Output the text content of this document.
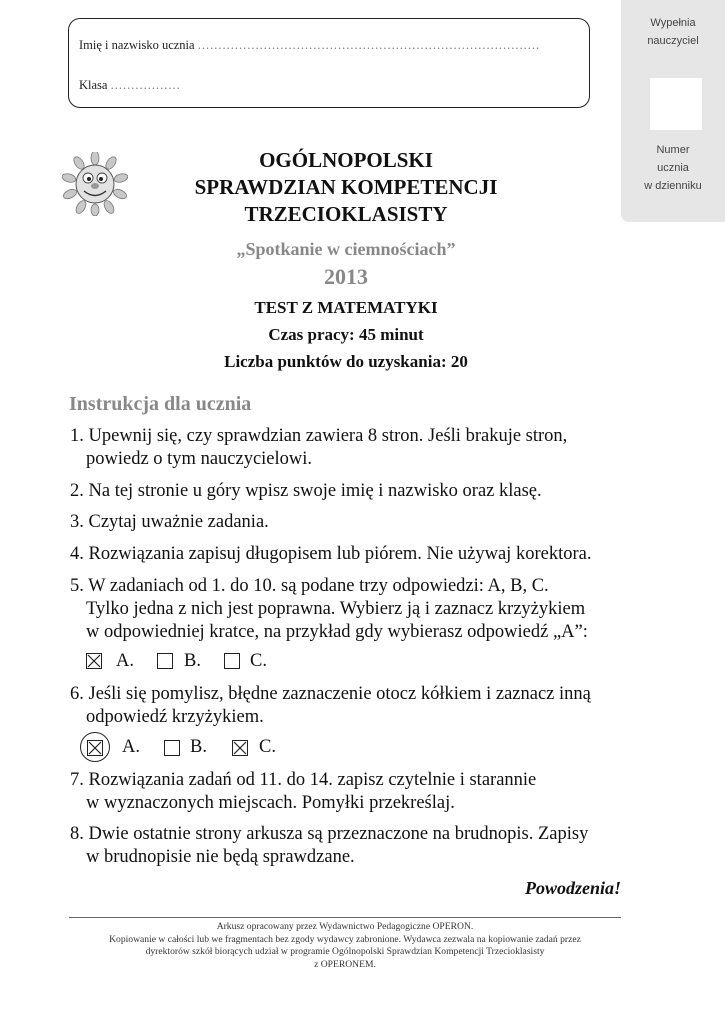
Imię i nazwisko ucznia ...................................................................................
Klasa .................
Wypełnia
nauczyciel
Numer
ucznia
w dzienniku
OGÓLNOPOLSKI
SPRAWDZIAN KOMPETENCJI
TRZECIOKLASISTY
„Spotkanie w ciemnościach”
2013
TEST Z MATEMATYKI
Czas pracy: 45 minut
Liczba punktów do uzyskania: 20
Instrukcja dla ucznia
1. Upewnij się, czy sprawdzian zawiera 8 stron. Jeśli brakuje stron,
powiedz o tym nauczycielowi.
2. Na tej stronie u góry wpisz swoje imię i nazwisko oraz klasę.
3. Czytaj uważnie zadania.
4. Rozwiązania zapisuj długopisem lub piórem. Nie używaj korektora.
5. W zadaniach od 1. do 10. są podane trzy odpowiedzi: A, B, C.
Tylko jedna z nich jest poprawna. Wybierz ją i zaznacz krzyżykiem
w odpowiedniej kratce, na przykład gdy wybierasz odpowiedź „A”:
A.	B.	C.
6. Jeśli się pomylisz, błędne zaznaczenie otocz kółkiem i zaznacz inną
odpowiedź krzyżykiem.
A.	B.	C.
7. Rozwiązania zadań od 11. do 14. zapisz czytelnie i starannie
w wyznaczonych miejscach. Pomyłki przekreślaj.
8. Dwie ostatnie strony arkusza są przeznaczone na brudnopis. Zapisy
w brudnopisie nie będą sprawdzane.
Powodzenia!
Arkusz opracowany przez Wydawnictwo Pedagogiczne OPERON.
Kopiowanie w całości lub we fragmentach bez zgody wydawcy zabronione. Wydawca zezwala na kopiowanie zadań przez
dyrektorów szkół biorących udział w programie Ogólnopolski Sprawdzian Kompetencji Trzecioklasisty
z OPERONEM.
